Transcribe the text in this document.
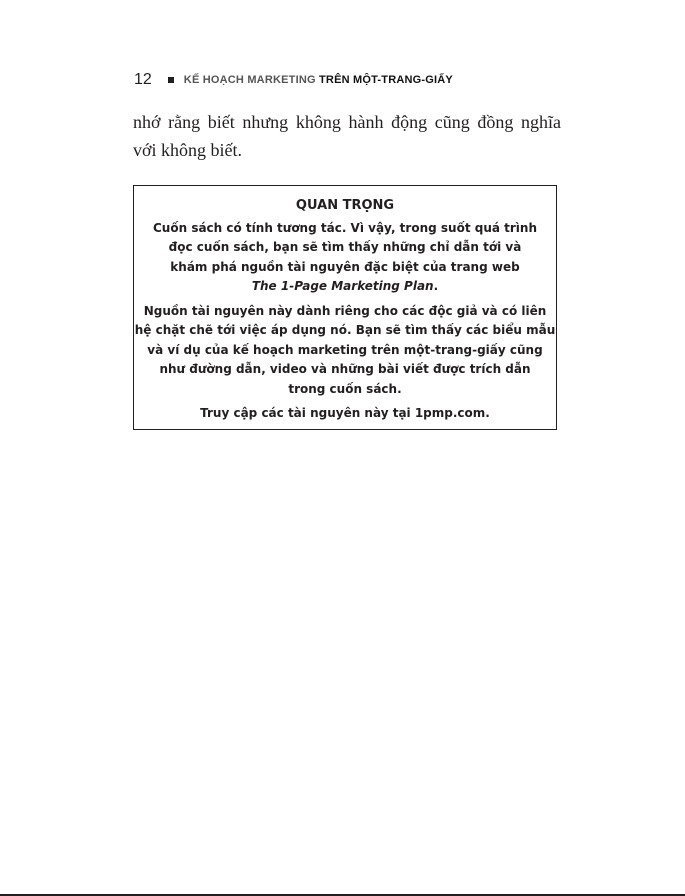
12	KẾ HOẠCH MARKETING TRÊN MỘT-TRANG-GIẤY
nhớ rằng biết nhưng không hành động cũng đồng nghĩa
với không biết.
QUAN TRỌNG

Cuốn sách có tính tương tác. Vì vậy, trong suốt quá trình
đọc cuốn sách, bạn sẽ tìm thấy những chỉ dẫn tới và
khám phá nguồn tài nguyên đặc biệt của trang web
The 1-Page Marketing Plan.

Nguồn tài nguyên này dành riêng cho các độc giả và có liên
hệ chặt chẽ tới việc áp dụng nó. Bạn sẽ tìm thấy các biểu mẫu
và ví dụ của kế hoạch marketing trên một-trang-giấy cũng
như đường dẫn, video và những bài viết được trích dẫn
trong cuốn sách.

Truy cập các tài nguyên này tại 1pmp.com.
